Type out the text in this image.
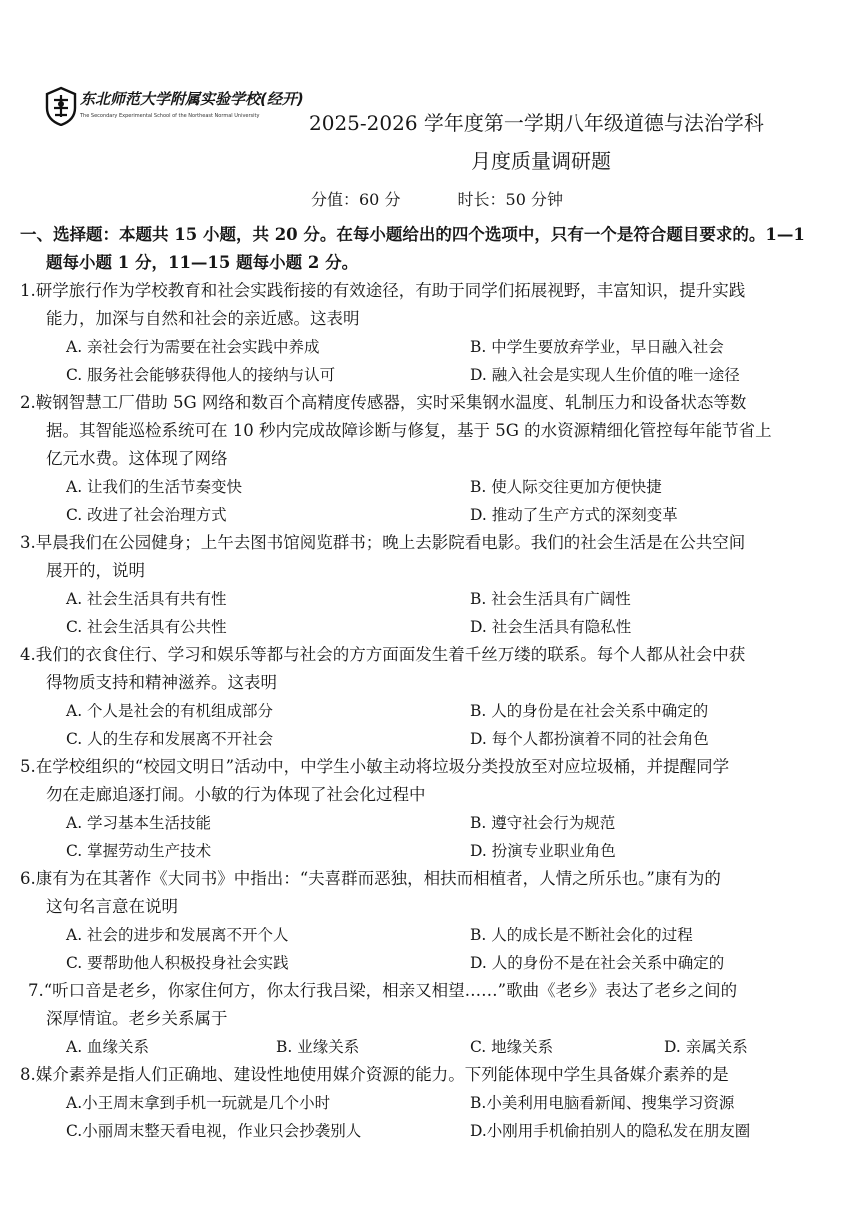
东北师范大学附属实验学校(经开)
The Secondary Experimental School of the Northeast Normal University 2025-2026 学年度第一学期八年级道德与法治学科
月度质量调研题
分值：60 分	时长：50 分钟
一、选择题：本题共 15 小题，共 20 分。在每小题给出的四个选项中，只有一个是符合题目要求的。1—1
题每小题 1 分，11—15 题每小题 2 分。
1.研学旅行作为学校教育和社会实践衔接的有效途径，有助于同学们拓展视野，丰富知识，提升实践
能力，加深与自然和社会的亲近感。这表明
A. 亲社会行为需要在社会实践中养成	B. 中学生要放弃学业，早日融入社会
C. 服务社会能够获得他人的接纳与认可	D. 融入社会是实现人生价值的唯一途径
2.鞍钢智慧工厂借助 5G 网络和数百个高精度传感器，实时采集钢水温度、轧制压力和设备状态等数
据。其智能巡检系统可在 10 秒内完成故障诊断与修复，基于 5G 的水资源精细化管控每年能节省上
亿元水费。这体现了网络
A. 让我们的生活节奏变快	B. 使人际交往更加方便快捷
C. 改进了社会治理方式	D. 推动了生产方式的深刻变革
3.早晨我们在公园健身；上午去图书馆阅览群书；晚上去影院看电影。我们的社会生活是在公共空间
展开的，说明
A. 社会生活具有共有性	B. 社会生活具有广阔性
C. 社会生活具有公共性	D. 社会生活具有隐私性
4.我们的衣食住行、学习和娱乐等都与社会的方方面面发生着千丝万缕的联系。每个人都从社会中获
得物质支持和精神滋养。这表明
A. 个人是社会的有机组成部分	B. 人的身份是在社会关系中确定的
C. 人的生存和发展离不开社会	D. 每个人都扮演着不同的社会角色
5.在学校组织的“校园文明日”活动中，中学生小敏主动将垃圾分类投放至对应垃圾桶，并提醒同学
勿在走廊追逐打闹。小敏的行为体现了社会化过程中
A. 学习基本生活技能	B. 遵守社会行为规范
C. 掌握劳动生产技术	D. 扮演专业职业角色
6.康有为在其著作《大同书》中指出：“夫喜群而恶独，相扶而相植者，人情之所乐也。”康有为的
这句名言意在说明
A. 社会的进步和发展离不开个人	B. 人的成长是不断社会化的过程
C. 要帮助他人积极投身社会实践	D. 人的身份不是在社会关系中确定的
7.“听口音是老乡，你家住何方，你太行我吕梁，相亲又相望……”歌曲《老乡》表达了老乡之间的
深厚情谊。老乡关系属于
A. 血缘关系	B. 业缘关系	C. 地缘关系	D. 亲属关系
8.媒介素养是指人们正确地、建设性地使用媒介资源的能力。下列能体现中学生具备媒介素养的是
A.小王周末拿到手机一玩就是几个小时	B.小美利用电脑看新闻、搜集学习资源
C.小丽周末整天看电视，作业只会抄袭别人	D.小刚用手机偷拍别人的隐私发在朋友圈
